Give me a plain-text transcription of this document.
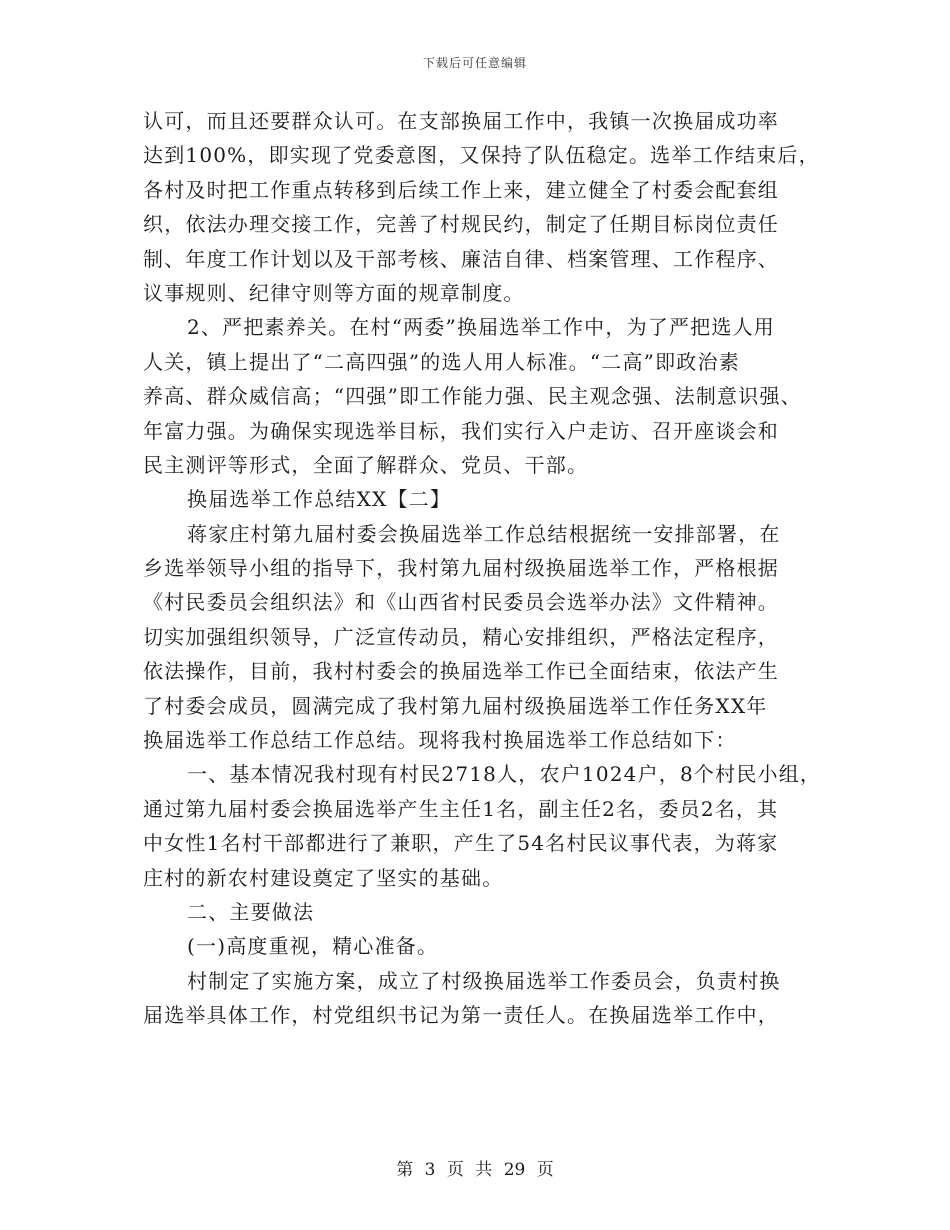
下载后可任意编辑
认可，而且还要群众认可。在支部换届工作中，我镇一次换届成功率
达到100%，即实现了党委意图，又保持了队伍稳定。选举工作结束后，
各村及时把工作重点转移到后续工作上来，建立健全了村委会配套组
织，依法办理交接工作，完善了村规民约，制定了任期目标岗位责任
制、年度工作计划以及干部考核、廉洁自律、档案管理、工作程序、
议事规则、纪律守则等方面的规章制度。
2、严把素养关。在村“两委”换届选举工作中，为了严把选人用
人关，镇上提出了“二高四强”的选人用人标准。“二高”即政治素
养高、群众威信高；“四强”即工作能力强、民主观念强、法制意识强、
年富力强。为确保实现选举目标，我们实行入户走访、召开座谈会和
民主测评等形式，全面了解群众、党员、干部。
换届选举工作总结XX【二】
蒋家庄村第九届村委会换届选举工作总结根据统一安排部署，在
乡选举领导小组的指导下，我村第九届村级换届选举工作，严格根据
《村民委员会组织法》和《山西省村民委员会选举办法》文件精神。
切实加强组织领导，广泛宣传动员，精心安排组织，严格法定程序，
依法操作，目前，我村村委会的换届选举工作已全面结束，依法产生
了村委会成员，圆满完成了我村第九届村级换届选举工作任务XX年
换届选举工作总结工作总结。现将我村换届选举工作总结如下：
一、基本情况我村现有村民2718人，农户1024户，8个村民小组，
通过第九届村委会换届选举产生主任1名，副主任2名，委员2名，其
中女性1名村干部都进行了兼职，产生了54名村民议事代表，为蒋家
庄村的新农村建设奠定了坚实的基础。
二、主要做法
(一)高度重视，精心准备。
村制定了实施方案，成立了村级换届选举工作委员会，负责村换
届选举具体工作，村党组织书记为第一责任人。在换届选举工作中，
第 3 页 共 29 页
